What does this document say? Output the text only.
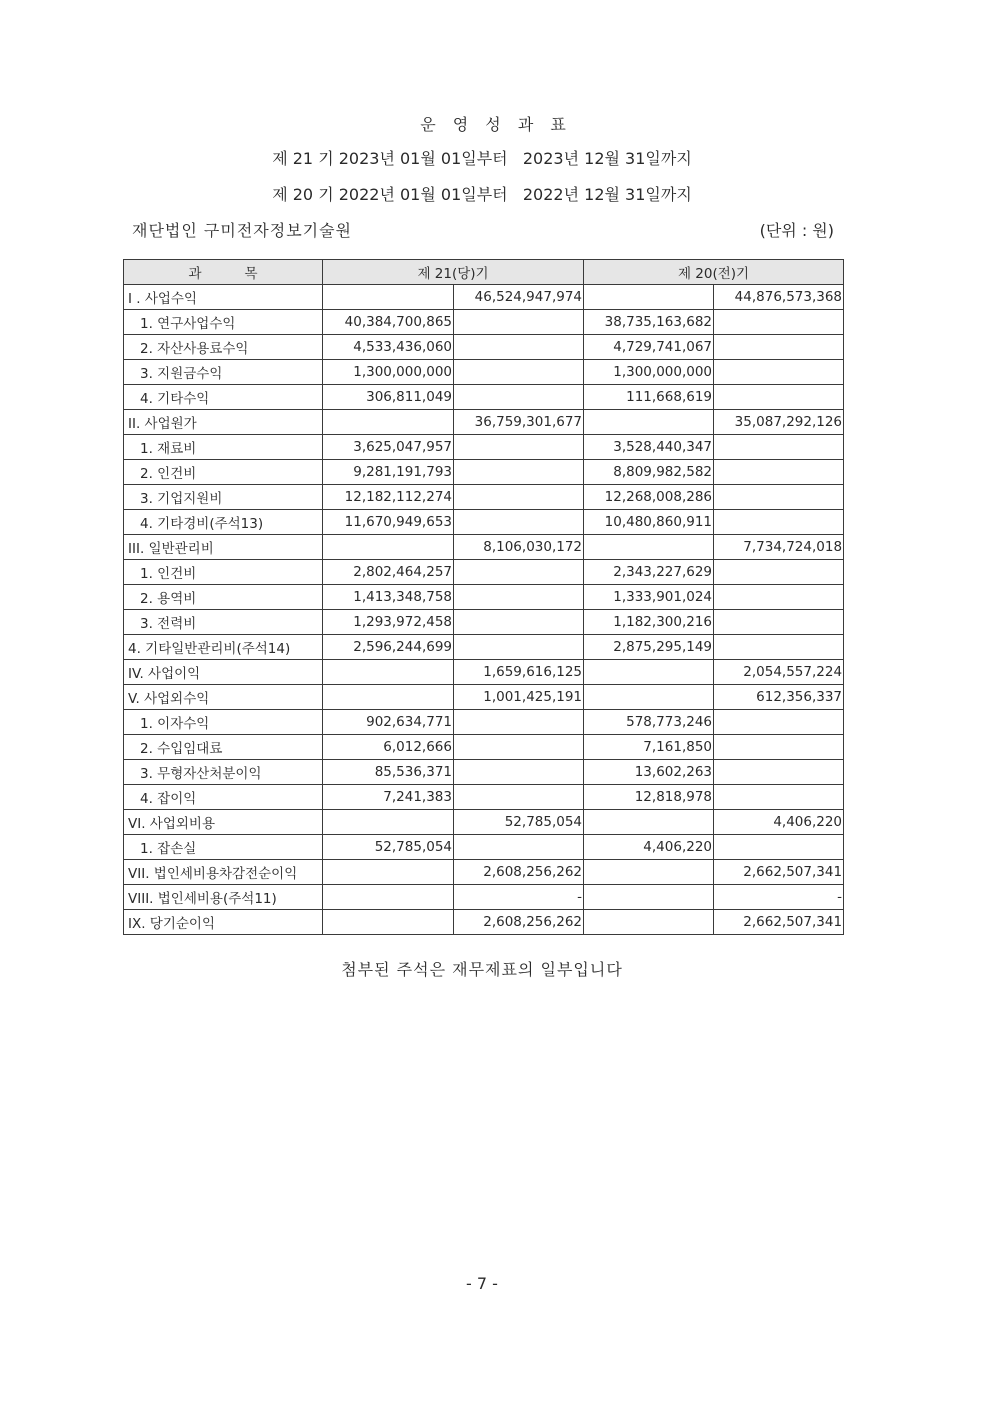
운 영 성 과 표
제 21 기 2023년 01월 01일부터   2023년 12월 31일까지
제 20 기 2022년 01월 01일부터   2022년 12월 31일까지
재단법인 구미전자정보기술원	(단위 : 원)
과          목	제 21(당)기		제 20(전)기	
I . 사업수익		46,524,947,974		44,876,573,368
1. 연구사업수익	40,384,700,865		38,735,163,682	
2. 자산사용료수익	4,533,436,060		4,729,741,067	
3. 지원금수익	1,300,000,000		1,300,000,000	
4. 기타수익	306,811,049		111,668,619	
II. 사업원가		36,759,301,677		35,087,292,126
1. 재료비	3,625,047,957		3,528,440,347	
2. 인건비	9,281,191,793		8,809,982,582	
3. 기업지원비	12,182,112,274		12,268,008,286	
4. 기타경비(주석13)	11,670,949,653		10,480,860,911	
III. 일반관리비		8,106,030,172		7,734,724,018
1. 인건비	2,802,464,257		2,343,227,629	
2. 용역비	1,413,348,758		1,333,901,024	
3. 전력비	1,293,972,458		1,182,300,216	
4. 기타일반관리비(주석14)	2,596,244,699		2,875,295,149	
IV. 사업이익		1,659,616,125		2,054,557,224
V. 사업외수익		1,001,425,191		612,356,337
1. 이자수익	902,634,771		578,773,246	
2. 수입임대료	6,012,666		7,161,850	
3. 무형자산처분이익	85,536,371		13,602,263	
4. 잡이익	7,241,383		12,818,978	
VI. 사업외비용		52,785,054		4,406,220
1. 잡손실	52,785,054		4,406,220	
VII. 법인세비용차감전순이익		2,608,256,262		2,662,507,341
VIII. 법인세비용(주석11)		-		-
IX. 당기순이익		2,608,256,262		2,662,507,341
첨부된 주석은 재무제표의 일부입니다
- 7 -
